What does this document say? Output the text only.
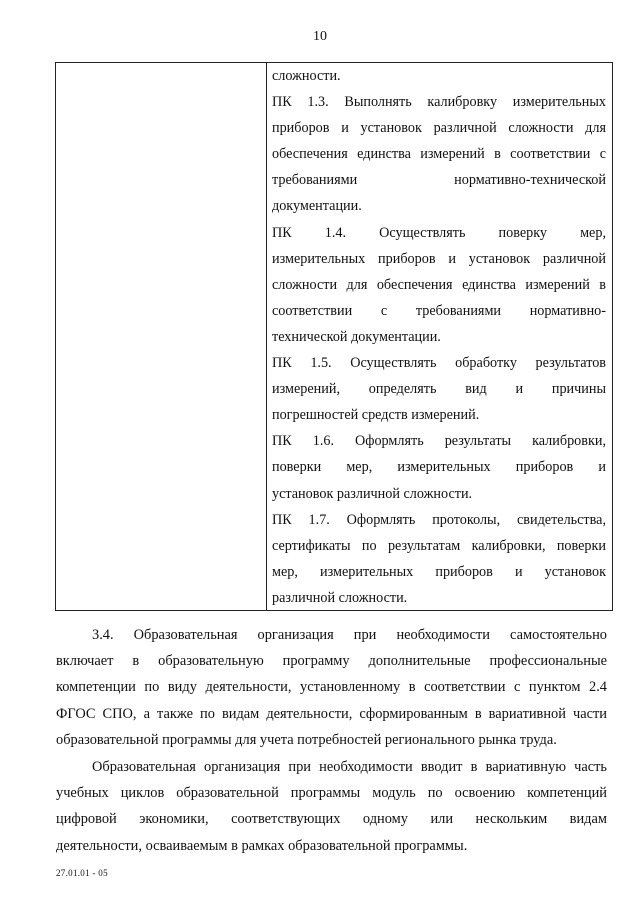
10
сложности.
ПК 1.3. Выполнять калибровку измерительных
приборов и установок различной сложности для
обеспечения единства измерений в соответствии с
требованиями нормативно-технической
документации.
ПК 1.4. Осуществлять поверку мер,
измерительных приборов и установок различной
сложности для обеспечения единства измерений в
соответствии с требованиями нормативно-
технической документации.
ПК 1.5. Осуществлять обработку результатов
измерений, определять вид и причины
погрешностей средств измерений.
ПК 1.6. Оформлять результаты калибровки,
поверки мер, измерительных приборов и
установок различной сложности.
ПК 1.7. Оформлять протоколы, свидетельства,
сертификаты по результатам калибровки, поверки
мер, измерительных приборов и установок
различной сложности.
3.4. Образовательная организация при необходимости самостоятельно
включает в образовательную программу дополнительные профессиональные
компетенции по виду деятельности, установленному в соответствии с пунктом 2.4
ФГОС СПО, а также по видам деятельности, сформированным в вариативной части
образовательной программы для учета потребностей регионального рынка труда.
Образовательная организация при необходимости вводит в вариативную часть
учебных циклов образовательной программы модуль по освоению компетенций
цифровой экономики, соответствующих одному или нескольким видам
деятельности, осваиваемым в рамках образовательной программы.
27.01.01 - 05
